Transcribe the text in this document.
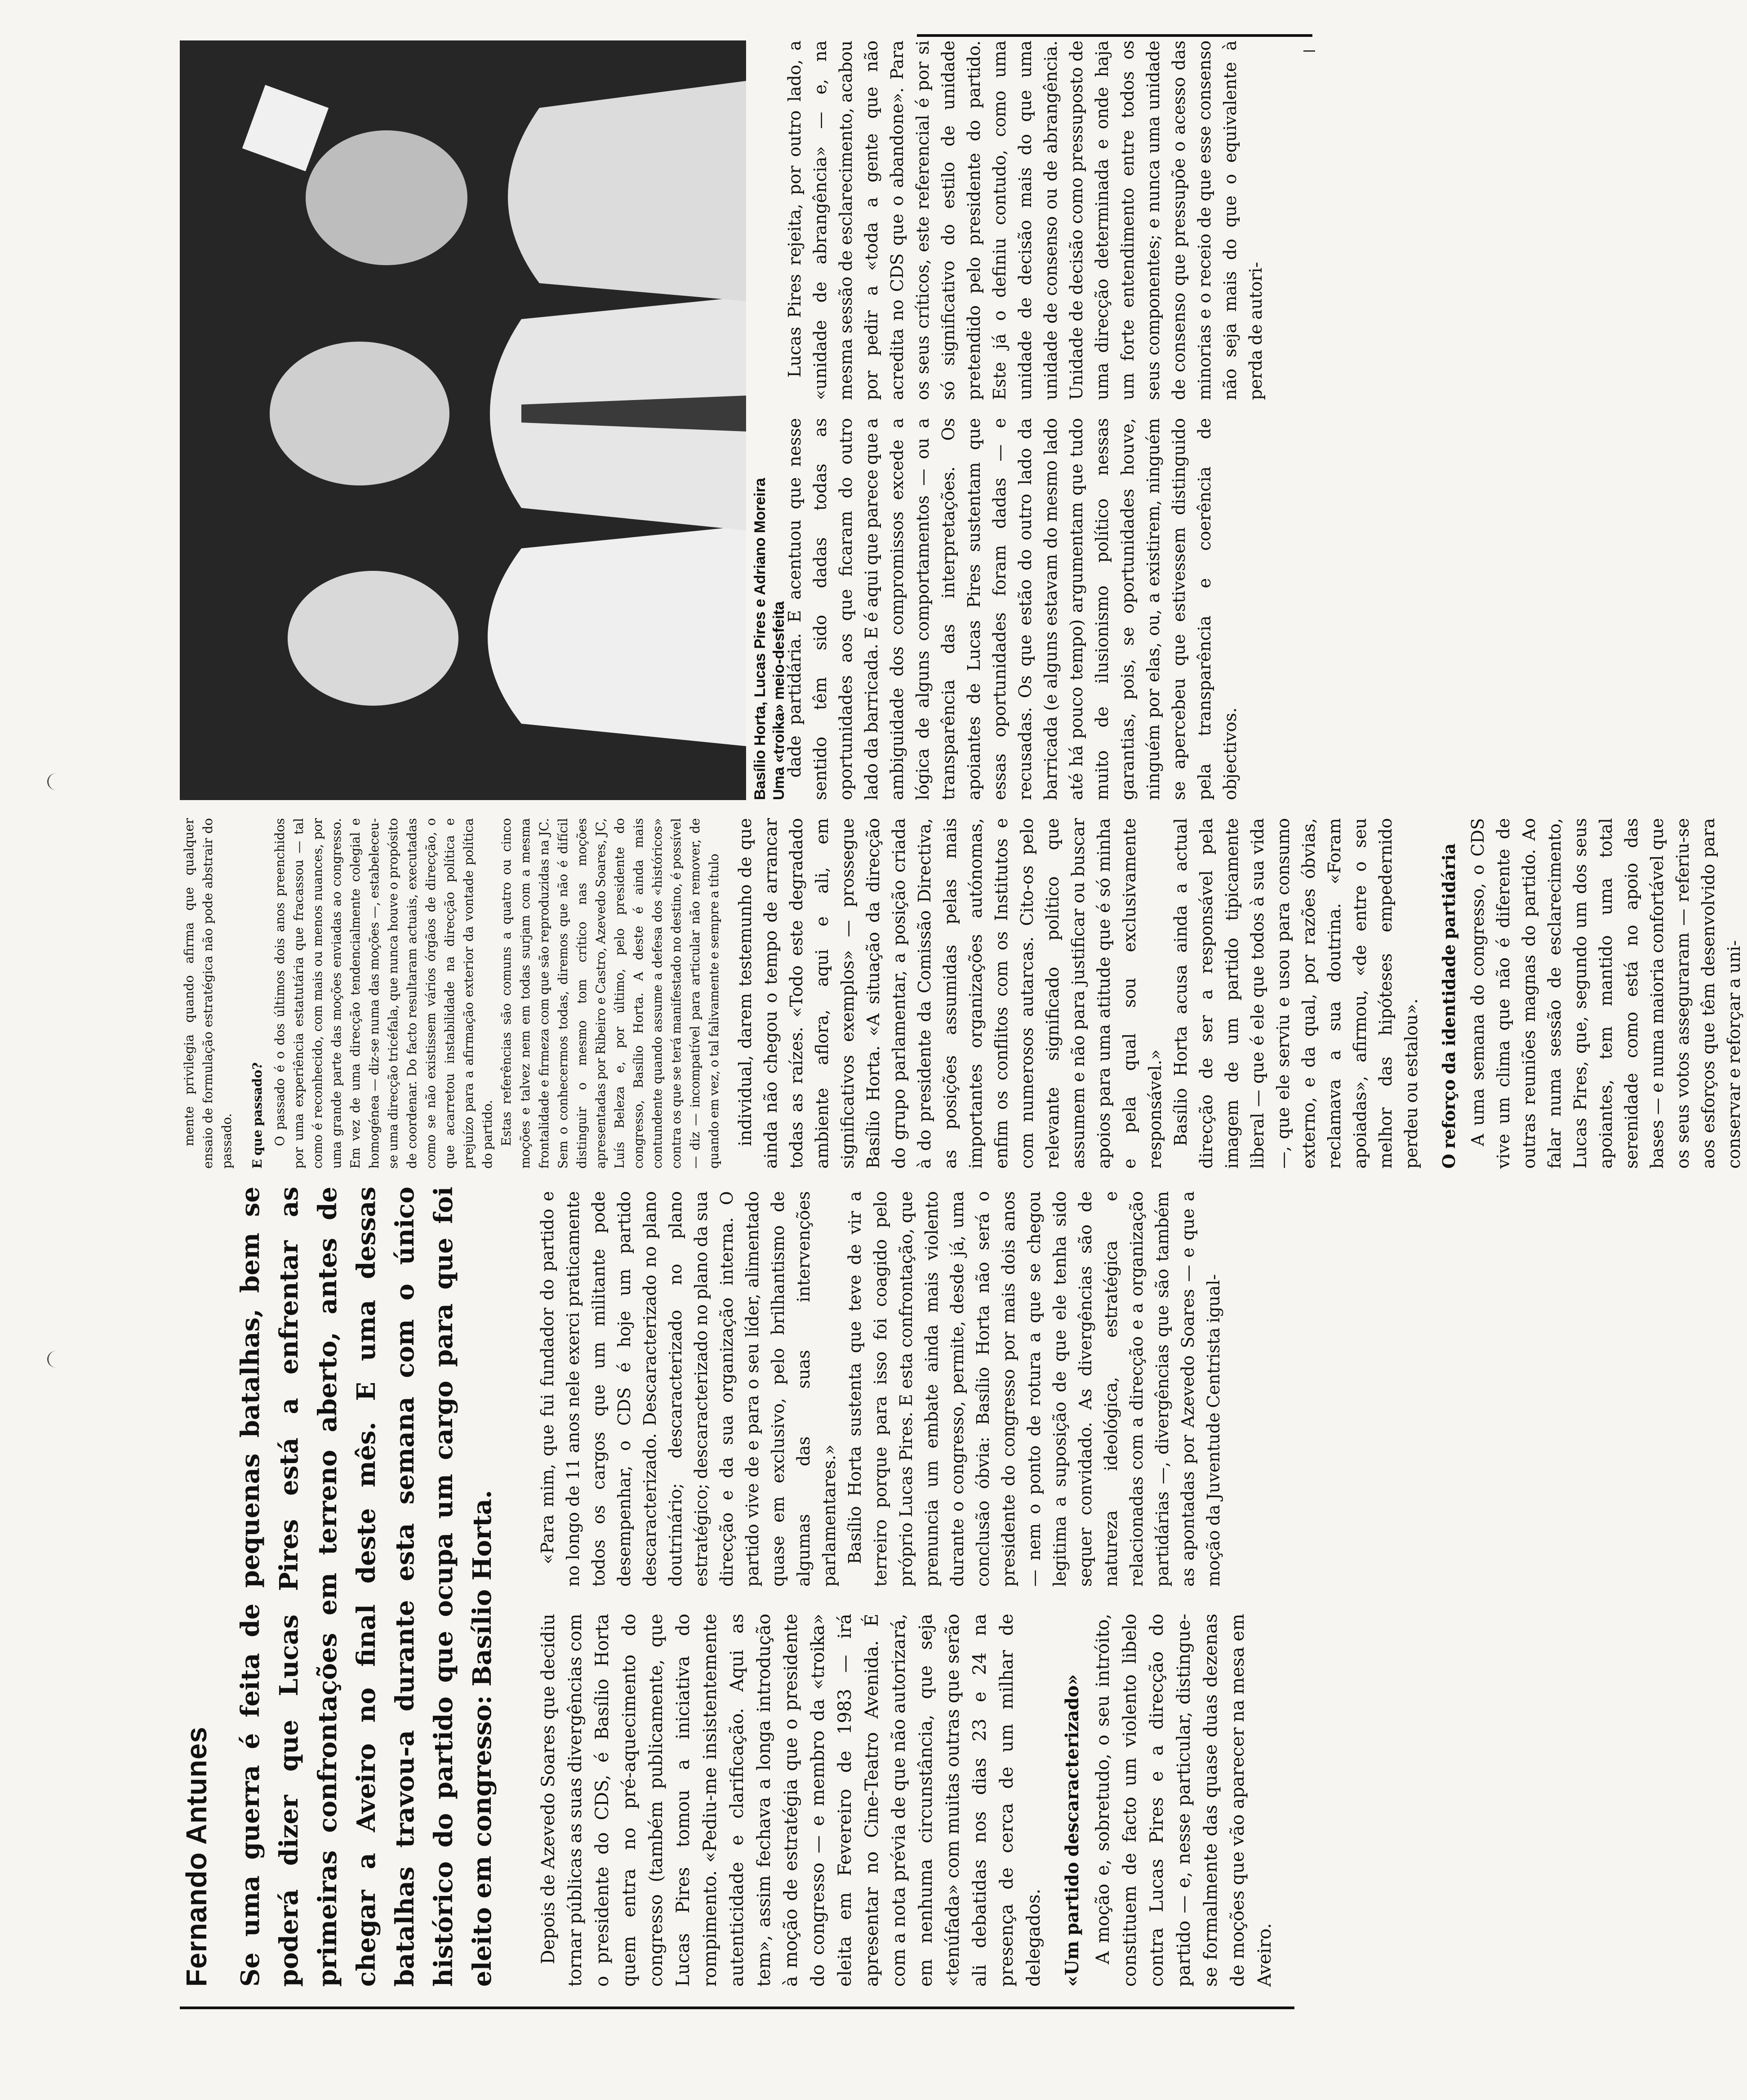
Fernando Antunes Se uma guerra é feita de pequenas batalhas, bem se poderá dizer que Lucas Pires está a enfrentar as primeiras confrontações em terreno aberto, antes de chegar a Aveiro no final deste mês. E uma dessas batalhas travou-a durante esta semana com o único histórico do partido que ocupa um cargo para que foi eleito em congresso: Basílio Horta. Depois de Azevedo Soares que decidiu tornar públicas as suas divergências com o presidente do CDS, é Basílio Horta quem entra no pré-aquecimento do congresso (também publicamente, que Lucas Pires tomou a iniciativa do rompimento. «Pediu-me insistentemente autenticidade e clarificação. Aqui as tem», assim fechava a longa introdução à moção de estratégia que o presidente do congresso — e membro da «troika» eleita em Fevereiro de 1983 — irá apresentar no Cine-Teatro Avenida. É com a nota prévia de que não autorizará, em nenhuma circunstância, que seja «tenúfada» com muitas outras que serão ali debatidas nos dias 23 e 24 na presença de cerca de um milhar de delegados. «Um partido descaracterizado» A moção e, sobretudo, o seu intróito, constituem de facto um violento libelo contra Lucas Pires e a direcção do partido — e, nesse particular, distingue-se formalmente das quase duas dezenas de moções que vão aparecer na mesa em Aveiro.

«Para mim, que fui fundador do partido e no longo de 11 anos nele exerci praticamente todos os cargos que um militante pode desempenhar, o CDS é hoje um partido descaracterizado. Descaracterizado no plano doutrinário; descaracterizado no plano estratégico; descaracterizado no plano da sua direcção e da sua organização interna. O partido vive de e para o seu líder, alimentado quase em exclusivo, pelo brilhantismo de algumas das suas intervenções parlamentares.» Basílio Horta sustenta que teve de vir a terreiro porque para isso foi coagido pelo próprio Lucas Pires. E esta confrontação, que prenuncia um embate ainda mais violento durante o congresso, permite, desde já, uma conclusão óbvia: Basílio Horta não será o presidente do congresso por mais dois anos — nem o ponto de rotura a que se chegou legitima a suposição de que ele tenha sido sequer convidado. As divergências são de natureza ideológica, estratégica e relacionadas com a direcção e a organização partidárias —, divergências que são também as apontadas por Azevedo Soares — e que a moção da Juventude Centrista igual-

mente privilegia quando afirma que qualquer ensaio de formulação estratégica não pode abstrair do passado. E que passado? O passado é o dos últimos dois anos preenchidos por uma experiência estatutária que fracassou — tal como é reconhecido, com mais ou menos nuances, por uma grande parte das moções enviadas ao congresso. Em vez de uma direcção tendencialmente colegial e homogénea — diz-se numa das moções —, estabeleceu-se uma direcção tricéfala, que nunca houve o propósito de coordenar. Do facto resultaram actuais, executadas como se não existissem vários órgãos de direcção, o que acarretou instabilidade na direcção política e prejuízo para a afirmação exterior da vontade política do partido. Estas referências são comuns a quatro ou cinco moções e talvez nem em todas surjam com a mesma frontalidade e firmeza com que são reproduzidas na JC. Sem o conhecermos todas, diremos que não é difícil distinguir o mesmo tom crítico nas moções apresentadas por Ribeiro e Castro, Azevedo Soares, JC, Luís Beleza e, por último, pelo presidente do congresso, Basílio Horta. A deste é ainda mais contundente quando assume a defesa dos «históricos» contra os que se terá manifestado no destino, é possível — diz — incompatível para articular não remover, de quando em vez, o tal falivamente e sempre a título individual, darem testemunho de que ainda não chegou o tempo de arrancar todas as raízes. «Todo este degradado ambiente aflora, aqui e ali, em significativos exemplos» — prossegue Basílio Horta. «A situação da direcção do grupo parlamentar, a posição criada à do presidente da Comissão Directiva, as posições assumidas pelas mais importantes organizações autónomas, enfim os conflitos com os Institutos e com numerosos autarcas. Cito-os pelo relevante significado político que assumem e não para justificar ou buscar apoios para uma atitude que é só minha e pela qual sou exclusivamente responsável.» Basílio Horta acusa ainda a actual direcção de ser a responsável pela imagem de um partido tipicamente liberal — que é ele que todos à sua vida —, que ele serviu e usou para consumo externo, e da qual, por razões óbvias, reclamava a sua doutrina. «Foram apoiadas», afirmou, «de entre o seu melhor das hipóteses empedernido perdeu ou estalou». O reforço da identidade partidária A uma semana do congresso, o CDS vive um clima que não é diferente de outras reuniões magnas do partido. Ao falar numa sessão de esclarecimento, Lucas Pires, que, segundo um dos seus apoiantes, tem mantido uma total serenidade como está no apoio das bases — e numa maioria confortável que os seus votos asseguraram — referiu-se aos esforços que têm desenvolvido para conservar e reforçar a uni-

Basílio Horta, Lucas Pires e Adriano Moreira Uma «troika» meio-desfeita

dade partidária. E acentuou que nesse sentido têm sido dadas todas as oportunidades aos que ficaram do outro lado da barricada. E é aqui que parece que a ambiguidade dos compromissos excede a lógica de alguns comportamentos — ou a transparência das interpretações. Os apoiantes de Lucas Pires sustentam que essas oportunidades foram dadas — e recusadas. Os que estão do outro lado da barricada (e alguns estavam do mesmo lado até há pouco tempo) argumentam que tudo muito de ilusionismo político nessas garantias, pois, se oportunidades houve, ninguém por elas, ou, a existirem, ninguém se apercebeu que estivessem distinguido pela transparência e coerência de objectivos.

Lucas Pires rejeita, por outro lado, a «unidade de abrangência» — e, na mesma sessão de esclarecimento, acabou por pedir a «toda a gente que não acredita no CDS que o abandone». Para os seus críticos, este referencial é por si só significativo do estilo de unidade pretendido pelo presidente do partido. Este já o definiu contudo, como uma unidade de decisão mais do que uma unidade de consenso ou de abrangência. Unidade de decisão como pressuposto de uma direcção determinada e onde haja um forte entendimento entre todos os seus componentes; e nunca uma unidade de consenso que pressupõe o acesso das minorias e o receio de que esse consenso não seja mais do que o equivalente à perda de autori-
